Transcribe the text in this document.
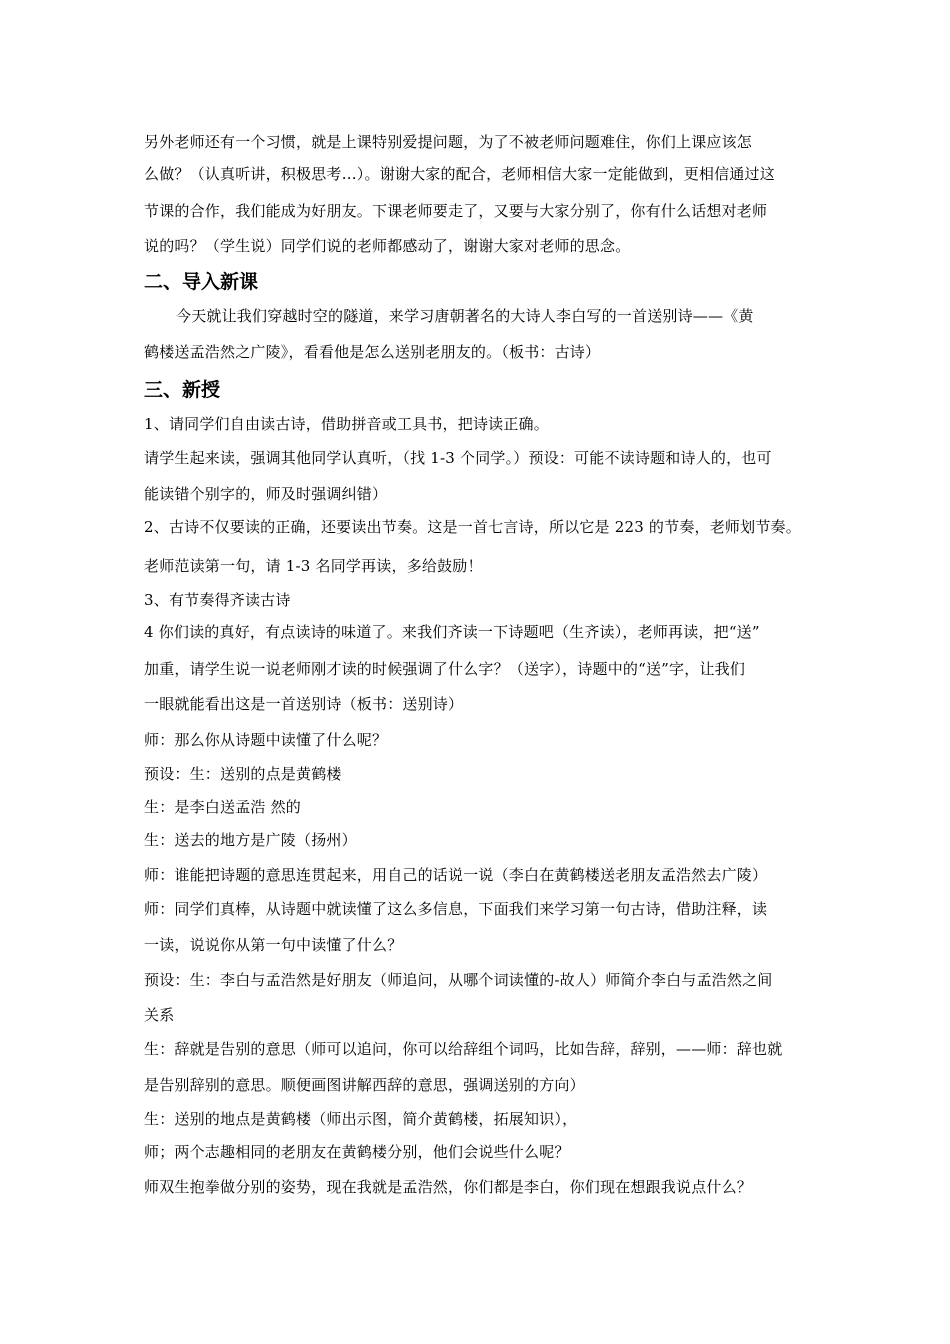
另外老师还有一个习惯，就是上课特别爱提问题，为了不被老师问题难住，你们上课应该怎
么做？（认真听讲，积极思考…）。谢谢大家的配合，老师相信大家一定能做到，更相信通过这
节课的合作，我们能成为好朋友。下课老师要走了，又要与大家分别了，你有什么话想对老师
说的吗？（学生说）同学们说的老师都感动了，谢谢大家对老师的思念。
二、导入新课
今天就让我们穿越时空的隧道，来学习唐朝著名的大诗人李白写的一首送别诗——《黄
鹤楼送孟浩然之广陵》，看看他是怎么送别老朋友的。（板书：古诗）
三、新授
1、请同学们自由读古诗，借助拼音或工具书，把诗读正确。
请学生起来读，强调其他同学认真听，（找 1-3 个同学。）预设：可能不读诗题和诗人的，也可
能读错个别字的，师及时强调纠错）
2、古诗不仅要读的正确，还要读出节奏。这是一首七言诗，所以它是 223 的节奏，老师划节奏。
老师范读第一句，请 1-3 名同学再读，多给鼓励！
3、有节奏得齐读古诗
4 你们读的真好，有点读诗的味道了。来我们齐读一下诗题吧（生齐读），老师再读，把“送”
加重，请学生说一说老师刚才读的时候强调了什么字？（送字），诗题中的“送”字，让我们
一眼就能看出这是一首送别诗（板书：送别诗）
师：那么你从诗题中读懂了什么呢？
预设：生：送别的点是黄鹤楼
生：是李白送孟浩 然的
生：送去的地方是广陵（扬州）
师：谁能把诗题的意思连贯起来，用自己的话说一说（李白在黄鹤楼送老朋友孟浩然去广陵）
师：同学们真棒，从诗题中就读懂了这么多信息，下面我们来学习第一句古诗，借助注释，读
一读，说说你从第一句中读懂了什么？
预设：生：李白与孟浩然是好朋友（师追问，从哪个词读懂的-故人）师简介李白与孟浩然之间
关系
生：辞就是告别的意思（师可以追问，你可以给辞组个词吗，比如告辞，辞别，——师：辞也就
是告别辞别的意思。顺便画图讲解西辞的意思，强调送别的方向）
生：送别的地点是黄鹤楼（师出示图，简介黄鹤楼，拓展知识），
师；两个志趣相同的老朋友在黄鹤楼分别，他们会说些什么呢？
师双生抱拳做分别的姿势，现在我就是孟浩然，你们都是李白，你们现在想跟我说点什么？
